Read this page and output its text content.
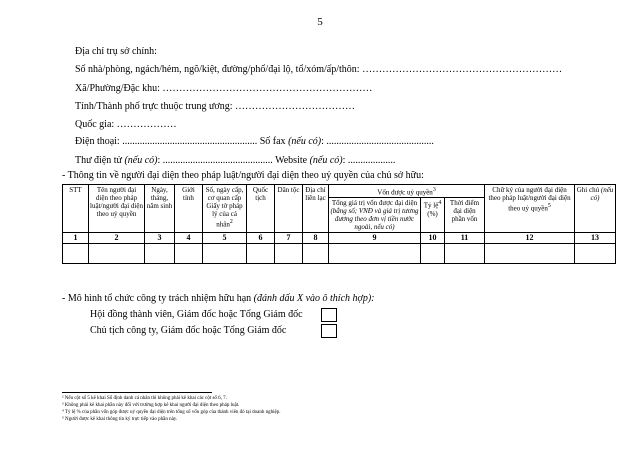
5
Địa chỉ trụ sở chính:
Số nhà/phòng, ngách/hẻm, ngõ/kiệt, đường/phố/đại lộ, tổ/xóm/ấp/thôn: ……………………………………………………
Xã/Phường/Đặc khu: ………………………………………………………
Tỉnh/Thành phố trực thuộc trung ương: ………………………………
Quốc gia: ………………
Điện thoại: ...................................................... Số fax (nếu có): ...........................................
Thư điện tử (nếu có): ............................................ Website (nếu có): ...................
- Thông tin về người đại diện theo pháp luật/người đại diện theo uỷ quyền của chủ sở hữu:
STT	Tên người đại diện theo pháp luật/người đại diện theo uỷ quyền	Ngày, tháng, năm sinh	Giới tính	Số, ngày cấp, cơ quan cấp Giấy tờ pháp lý của cá nhân$^2$	Quốc tịch	Dân tộc	Địa chỉ liên lạc	Vốn được uỷ quyền$^3$			Chữ ký của người đại diện theo pháp luật/người đại diện theo uỷ quyền$^5$	Ghi chú (nếu có)
								Tổng giá trị vốn được đại diện (bằng số; VNĐ và giá trị tương đương theo đơn vị tiền nước ngoài, nếu có)	Tỷ lệ$^4$ (%)	Thời điểm đại diện phần vốn		
1	2	3	4	5	6	7	8	9	10	11	12	13

- Mô hình tổ chức công ty trách nhiệm hữu hạn (đánh dấu X vào ô thích hợp):
Hội đồng thành viên, Giám đốc hoặc Tổng Giám đốc
Chủ tịch công ty, Giám đốc hoặc Tổng Giám đốc
² Nếu cột số 5 kê khai Số định danh cá nhân thì không phải kê khai các cột số 6, 7.
³ Không phải kê khai phần này đối với trường hợp kê khai người đại diện theo pháp luật.
⁴ Tỷ lệ % của phần vốn góp được uỷ quyền đại diện trên tổng số vốn góp của thành viên đó tại doanh nghiệp.
⁵ Người được kê khai thông tin ký trực tiếp vào phần này.
